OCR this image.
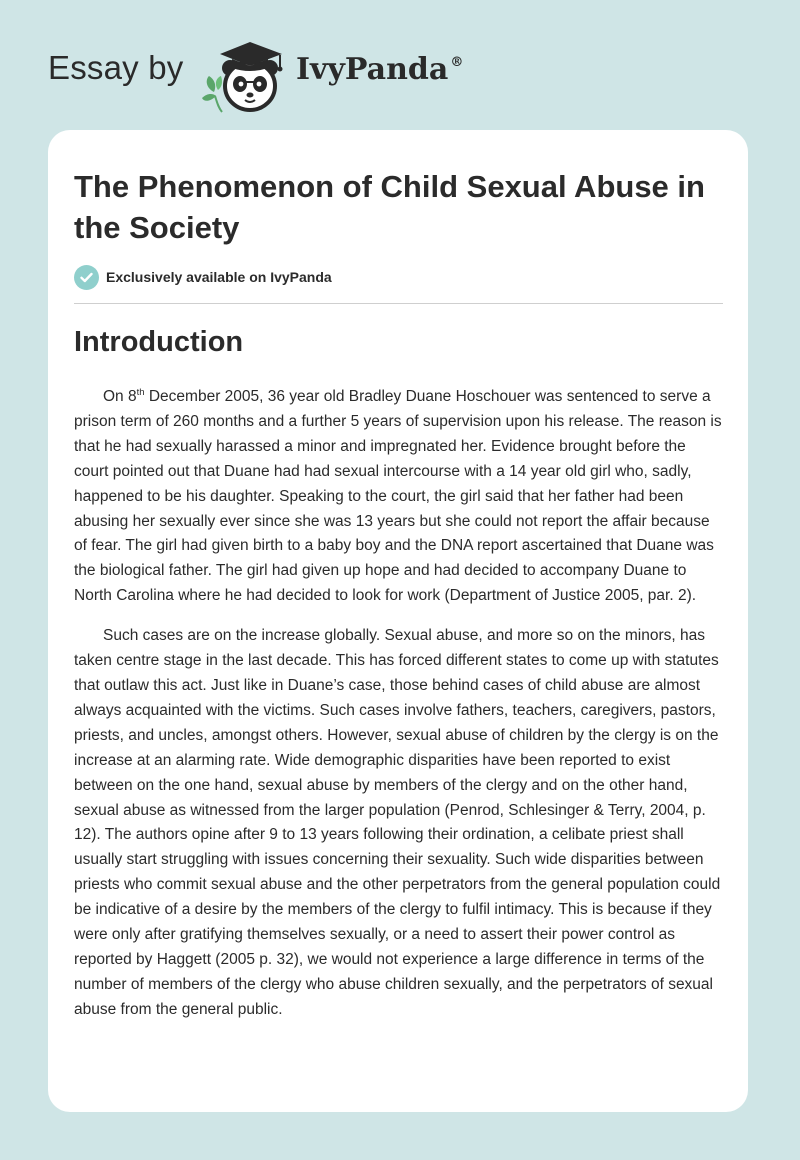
Essay by	IvyPanda ®
The Phenomenon of Child Sexual Abuse in the Society
Exclusively available on IvyPanda
Introduction

On 8th December 2005, 36 year old Bradley Duane Hoschouer was sentenced to serve a prison term of 260 months and a further 5 years of supervision upon his release. The reason is that he had sexually harassed a minor and impregnated her. Evidence brought before the court pointed out that Duane had had sexual intercourse with a 14 year old girl who, sadly, happened to be his daughter. Speaking to the court, the girl said that her father had been abusing her sexually ever since she was 13 years but she could not report the affair because of fear. The girl had given birth to a baby boy and the DNA report ascertained that Duane was the biological father. The girl had given up hope and had decided to accompany Duane to North Carolina where he had decided to look for work (Department of Justice 2005, par. 2).

Such cases are on the increase globally. Sexual abuse, and more so on the minors, has taken centre stage in the last decade. This has forced different states to come up with statutes that outlaw this act. Just like in Duane’s case, those behind cases of child abuse are almost always acquainted with the victims. Such cases involve fathers, teachers, caregivers, pastors, priests, and uncles, amongst others. However, sexual abuse of children by the clergy is on the increase at an alarming rate. Wide demographic disparities have been reported to exist between on the one hand, sexual abuse by members of the clergy and on the other hand, sexual abuse as witnessed from the larger population (Penrod, Schlesinger & Terry, 2004, p. 12). The authors opine after 9 to 13 years following their ordination, a celibate priest shall usually start struggling with issues concerning their sexuality. Such wide disparities between priests who commit sexual abuse and the other perpetrators from the general population could be indicative of a desire by the members of the clergy to fulfil intimacy. This is because if they were only after gratifying themselves sexually, or a need to assert their power control as reported by Haggett (2005 p. 32), we would not experience a large difference in terms of the number of members of the clergy who abuse children sexually, and the perpetrators of sexual abuse from the general public.
